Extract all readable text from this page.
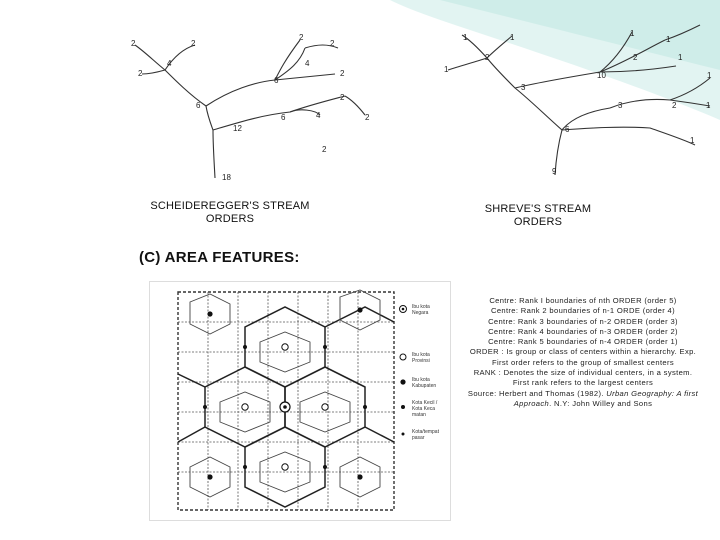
2	2
2
2
4	4
2	2
6
6
2
6	4	2
12
2
18
1	1	1
1
1
2	2	1
1
10
3
3	2	1
6
1
9
SCHEIDEREGGER'S STREAM
ORDERS
SHREVE'S STREAM
ORDERS
(C) AREA FEATURES:
Ibu kota
Negara
Ibu kota
Provinsi
Ibu kota
Kabupaten
Kota Kecil /
Kota Keca
matan
Kota/tempat
pasar
Centre: Rank I boundaries of nth ORDER (order 5)
Centre: Rank 2 boundaries of n-1 ORDE (order 4)
Centre: Rank 3 boundaries of n-2 ORDER (order 3)
Centre: Rank 4 boundaries of n-3 ORDER (order 2)
Centre: Rank 5 boundaries of n-4 ORDER (order 1)
ORDER : Is group or class of centers within a hierarchy. Exp.
First order refers to the group of smallest centers
RANK : Denotes the size of individual centers, in a system.
First rank refers to the largest centers
Source: Herbert and Thomas (1982). Urban Geography: A first
Approach. N.Y: John Willey and Sons
